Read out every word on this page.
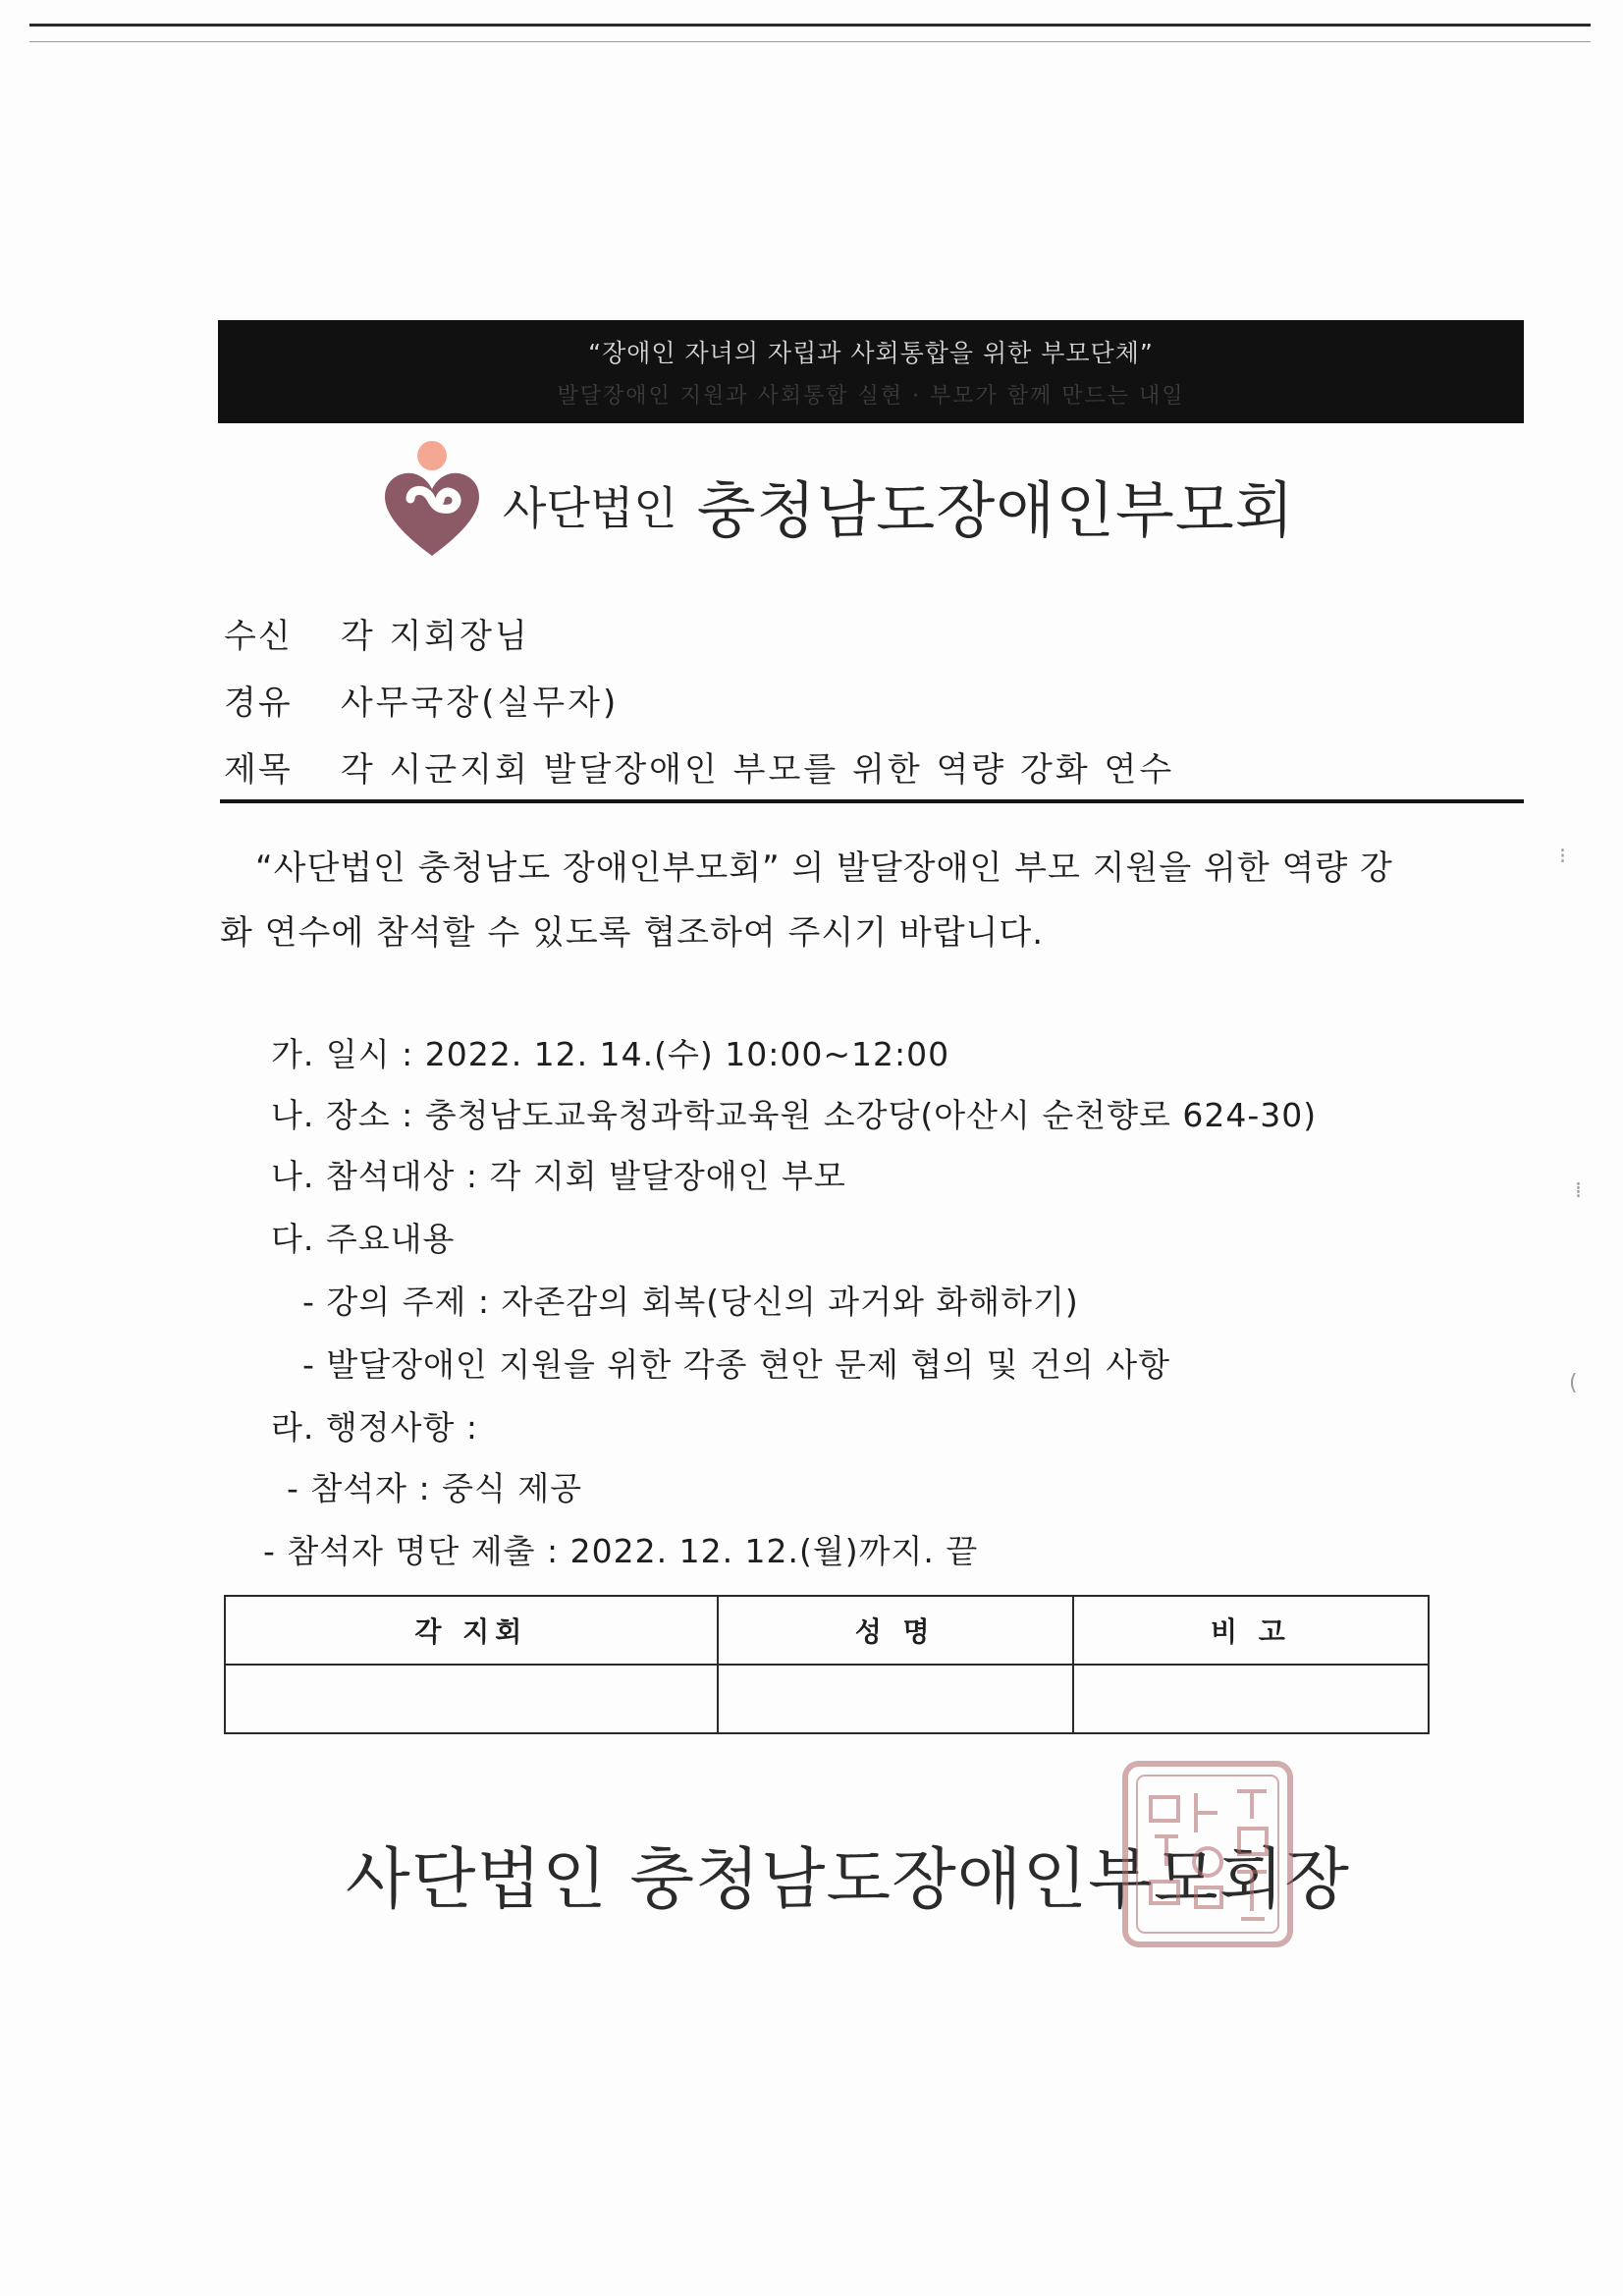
“장애인 자녀의 자립과 사회통합을 위한 부모단체”
발달장애인 지원과 사회통합 실현 · 부모가 함께 만드는 내일
사단법인 충청남도장애인부모회
수신 각 지회장님
경유 사무국장(실무자)
제목 각 시군지회 발달장애인 부모를 위한 역량 강화 연수
“사단법인 충청남도 장애인부모회” 의 발달장애인 부모 지원을 위한 역량 강
화 연수에 참석할 수 있도록 협조하여 주시기 바랍니다.
가. 일시 : 2022. 12. 14.(수) 10:00~12:00
나. 장소 : 충청남도교육청과학교육원 소강당(아산시 순천향로 624-30)
나. 참석대상 : 각 지회 발달장애인 부모
다. 주요내용
- 강의 주제 : 자존감의 회복(당신의 과거와 화해하기)
- 발달장애인 지원을 위한 각종 현안 문제 협의 및 건의 사항
라. 행정사항 :
- 참석자 : 중식 제공
- 참석자 명단 제출 : 2022. 12. 12.(월)까지. 끝
각 지회	성 명	비 고

사단법인 충청남도장애인부모회장
⁝
⁞
(
